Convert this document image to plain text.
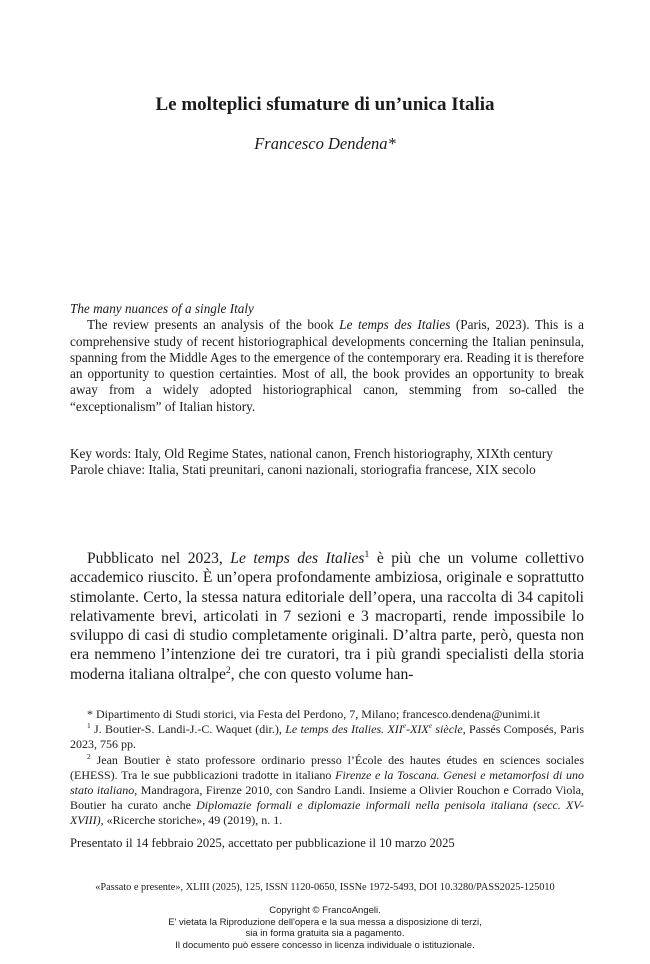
Le molteplici sfumature di un’unica Italia
Francesco Dendena*
The many nuances of a single Italy
The review presents an analysis of the book Le temps des Italies (Paris, 2023). This is a comprehensive study of recent historiographical developments concerning the Italian peninsula, spanning from the Middle Ages to the emergence of the contemporary era. Reading it is therefore an opportunity to question certainties. Most of all, the book provides an opportunity to break away from a widely adopted historiographical canon, stemming from so-called the “exceptionalism” of Italian history.
Key words: Italy, Old Regime States, national canon, French historiography, XIXth century
Parole chiave: Italia, Stati preunitari, canoni nazionali, storiografia francese, XIX secolo

Pubblicato nel 2023, Le temps des Italies$^1$ è più che un volume collettivo accademico riuscito. È un’opera profondamente ambiziosa, originale e soprattutto stimolante. Certo, la stessa natura editoriale dell’opera, una raccolta di 34 capitoli relativamente brevi, articolati in 7 sezioni e 3 macroparti, rende impossibile lo sviluppo di casi di studio completamente originali. D’altra parte, però, questa non era nemmeno l’intenzione dei tre curatori, tra i più grandi specialisti della storia moderna italiana oltralpe$^2$, che con questo volume han-

* Dipartimento di Studi storici, via Festa del Perdono, 7, Milano; francesco.dendena@unimi.it

$^1$ J. Boutier-S. Landi-J.-C. Waquet (dir.), Le temps des Italies. XIIe-XIXe siècle, Passés Composés, Paris 2023, 756 pp.

$^2$ Jean Boutier è stato professore ordinario presso l’École des hautes études en sciences sociales (EHESS). Tra le sue pubblicazioni tradotte in italiano Firenze e la Toscana. Genesi e metamorfosi di uno stato italiano, Mandragora, Firenze 2010, con Sandro Landi. Insieme a Olivier Rouchon e Corrado Viola, Boutier ha curato anche Diplomazie formali e diplomazie informali nella penisola italiana (secc. XV-XVIII), «Ricerche storiche», 49 (2019), n. 1.

Presentato il 14 febbraio 2025, accettato per pubblicazione il 10 marzo 2025
«Passato e presente», XLIII (2025), 125, ISSN 1120-0650, ISSNe 1972-5493, DOI 10.3280/PASS2025-125010
Copyright © FrancoAngeli.
E' vietata la Riproduzione dell'opera e la sua messa a disposizione di terzi,
sia in forma gratuita sia a pagamento.
Il documento può essere concesso in licenza individuale o istituzionale.
